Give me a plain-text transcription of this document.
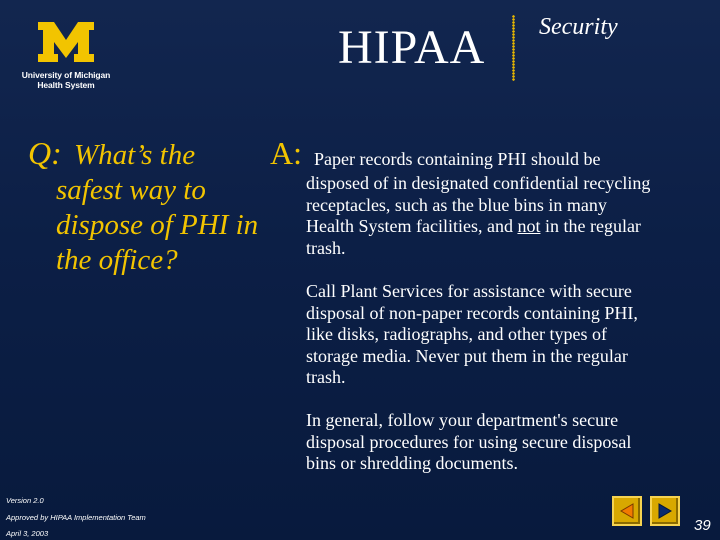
University of Michigan
Health System
HIPAA Security
Q: What’s the safest way to dispose of PHI in the office?
A: Paper records containing PHI should be

disposed of in designated confidential recycling receptacles, such as the blue bins in many Health System facilities, and not in the regular trash.

Call Plant Services for assistance with secure disposal of non-paper records containing PHI, like disks, radiographs, and other types of storage media. Never put them in the regular trash.

In general, follow your department's secure disposal procedures for using secure disposal bins or shredding documents.

Version 2.0
Approved by HIPAA Implementation Team
April 3, 2003	39
